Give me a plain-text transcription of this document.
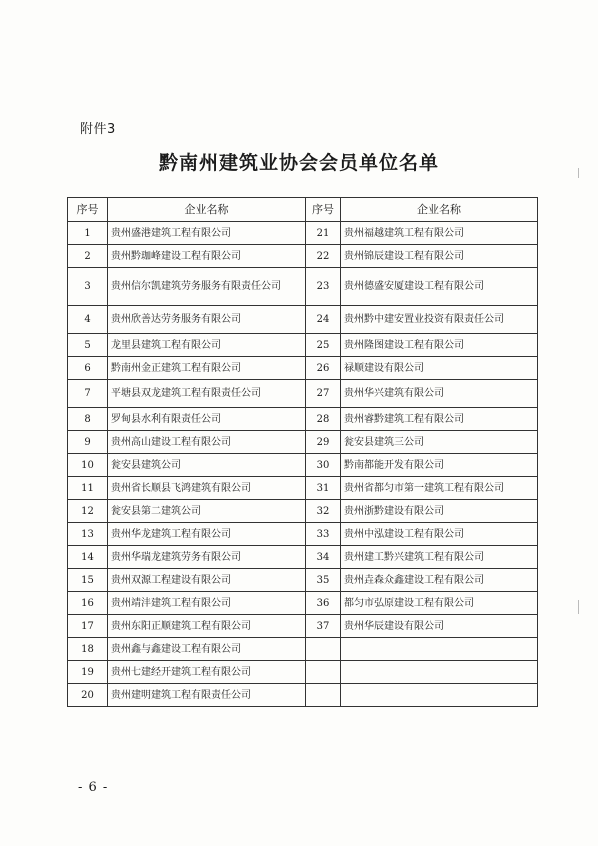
附件3
黔南州建筑业协会会员单位名单
序号	企业名称	序号	企业名称
1	贵州盛港建筑工程有限公司	21	贵州福越建筑工程有限公司
2	贵州黔珈峰建设工程有限公司	22	贵州锦辰建设工程有限公司
3	贵州信尔凯建筑劳务服务有限责任公司	23	贵州德盛安厦建设工程有限公司
4	贵州欣善达劳务服务有限公司	24	贵州黔中建安置业投资有限责任公司
5	龙里县建筑工程有限公司	25	贵州隆图建设工程有限公司
6	黔南州金正建筑工程有限公司	26	禄顺建设有限公司
7	平塘县双龙建筑工程有限责任公司	27	贵州华兴建筑有限公司
8	罗甸县水利有限责任公司	28	贵州睿黔建筑工程有限公司
9	贵州高山建设工程有限公司	29	瓮安县建筑三公司
10	瓮安县建筑公司	30	黔南都能开发有限公司
11	贵州省长顺县飞鸿建筑有限公司	31	贵州省都匀市第一建筑工程有限公司
12	瓮安县第二建筑公司	32	贵州浙黔建设有限公司
13	贵州华龙建筑工程有限公司	33	贵州中泓建设工程有限公司
14	贵州华瑞龙建筑劳务有限公司	34	贵州建工黔兴建筑工程有限公司
15	贵州双源工程建设有限公司	35	贵州垚森众鑫建设工程有限公司
16	贵州靖沣建筑工程有限公司	36	都匀市弘原建设工程有限公司
17	贵州东阳正顺建筑工程有限公司	37	贵州华辰建设有限公司
18	贵州鑫与鑫建设工程有限公司		
19	贵州七建经开建筑工程有限公司		
20	贵州建明建筑工程有限责任公司		
- 6 -
